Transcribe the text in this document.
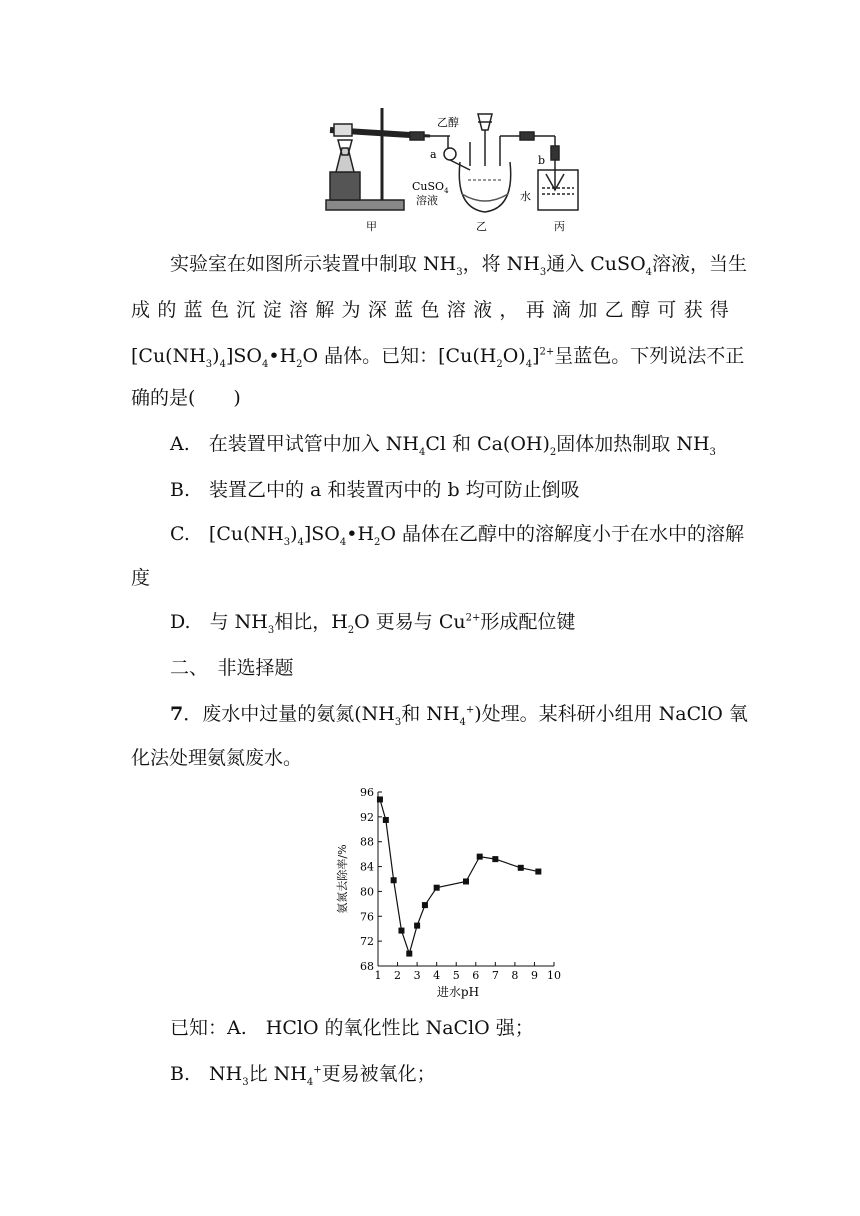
乙醇
a
CuSO$_4$
溶液
b
水
甲	乙	丙
实验室在如图所示装置中制取 $NH_3$，将 $NH_3$通入 CuSO$_4$溶液，当生
成 的 蓝 色 沉 淀 溶 解 为 深 蓝 色 溶 液 ， 再 滴 加 乙 醇 可 获 得
$[Cu(NH_3)_4]SO_4•H_2O$ 晶体。已知：$[Cu(H_2O)_4]^{2+}$呈蓝色。下列说法不正
确的是(　　)
A.　在装置甲试管中加入 $NH_4Cl$ 和 $Ca(OH)_2$固体加热制取 $NH_3$
B.　装置乙中的 a 和装置丙中的 b 均可防止倒吸
C.　$[Cu(NH_3)_4]SO_4•H_2O$ 晶体在乙醇中的溶解度小于在水中的溶解
度
D.　与 $NH_3$相比，$H_2O$ 更易与 $Cu^{2+}$形成配位键
二、　非选择题
7．废水中过量的氨氮($NH_3$和 $NH_4^+$)处理。某科研小组用 NaClO 氧
化法处理氨氮废水。
1 2 3 4 5 6 7 8 9 10
68
72
76
80
84
88
92
96
进水pH
氨氮去除率/%
已知：A.　HClO 的氧化性比 NaClO 强；
B.　$NH_3$比 $NH_4^+$更易被氧化；
